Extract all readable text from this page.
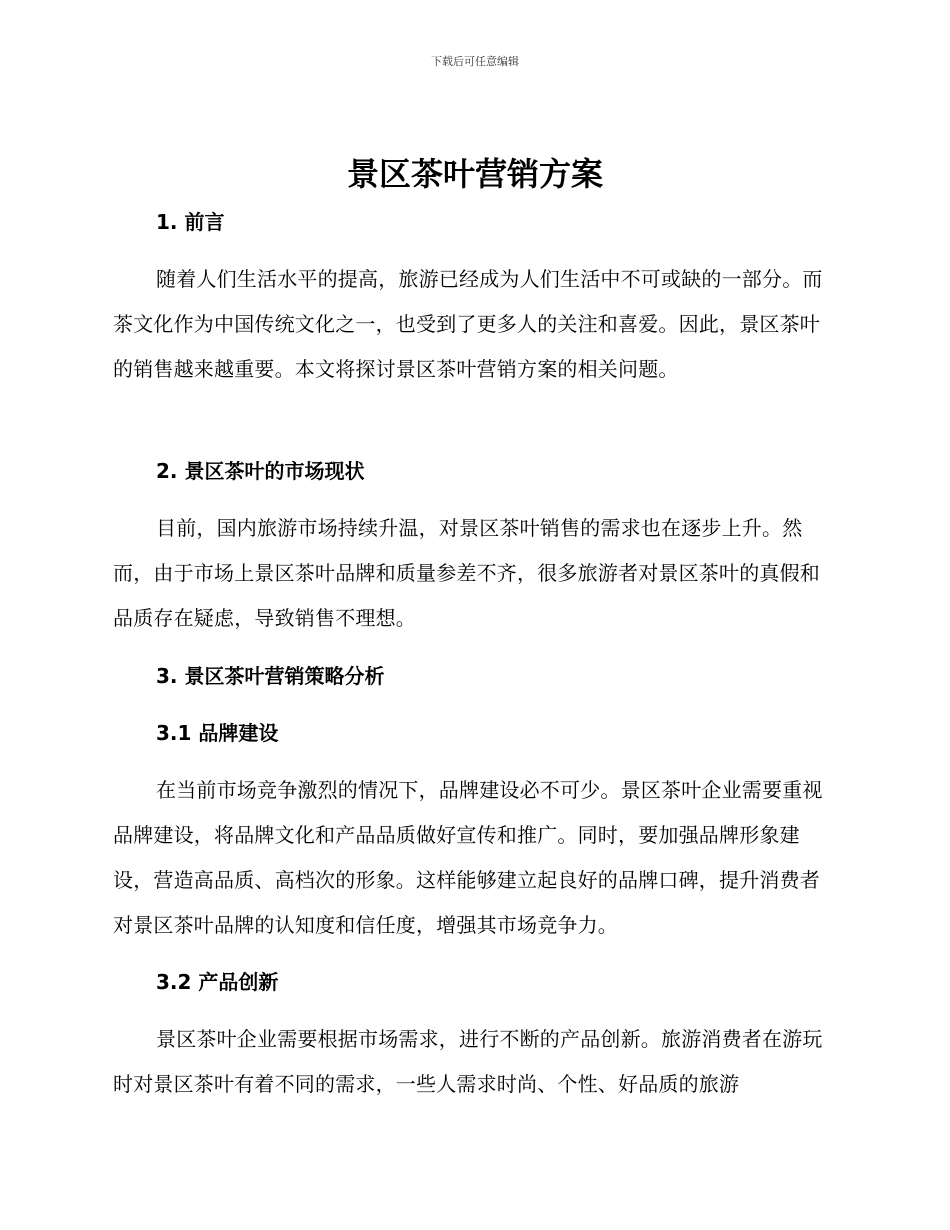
下载后可任意编辑
景区茶叶营销方案
1. 前言

随着人们生活水平的提高，旅游已经成为人们生活中不可或缺的一部分。而茶文化作为中国传统文化之一，也受到了更多人的关注和喜爱。因此，景区茶叶的销售越来越重要。本文将探讨景区茶叶营销方案的相关问题。

2. 景区茶叶的市场现状

目前，国内旅游市场持续升温，对景区茶叶销售的需求也在逐步上升。然而，由于市场上景区茶叶品牌和质量参差不齐，很多旅游者对景区茶叶的真假和品质存在疑虑，导致销售不理想。

3. 景区茶叶营销策略分析
3.1 品牌建设

在当前市场竞争激烈的情况下，品牌建设必不可少。景区茶叶企业需要重视品牌建设，将品牌文化和产品品质做好宣传和推广。同时，要加强品牌形象建设，营造高品质、高档次的形象。这样能够建立起良好的品牌口碑，提升消费者对景区茶叶品牌的认知度和信任度，增强其市场竞争力。

3.2 产品创新

景区茶叶企业需要根据市场需求，进行不断的产品创新。旅游消费者在游玩时对景区茶叶有着不同的需求，一些人需求时尚、个性、好品质的旅游
